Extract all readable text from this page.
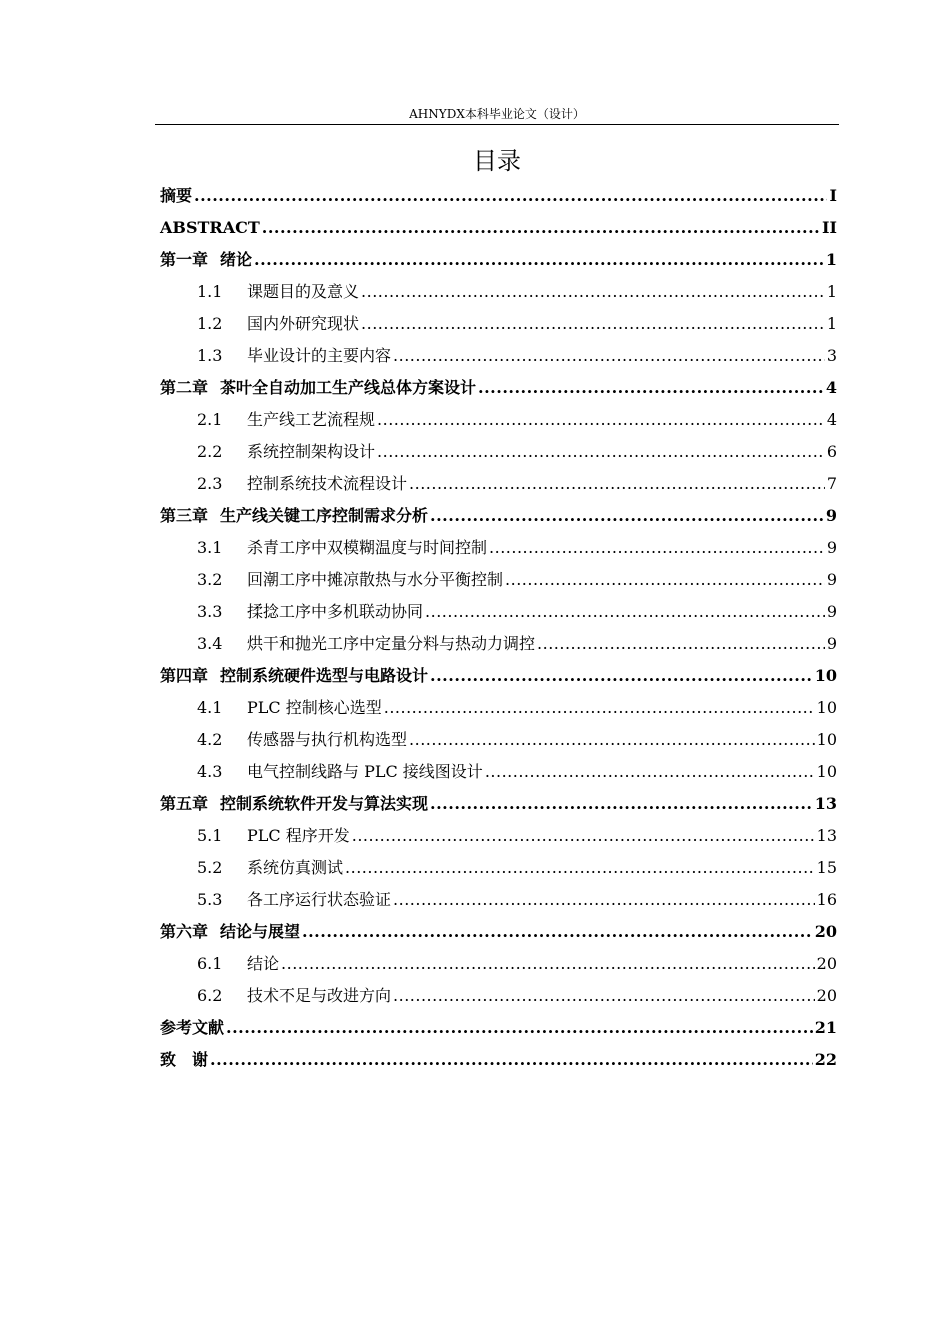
AHNYDX本科毕业论文（设计）
目录
摘要 .....	I
ABSTRACT .....	II
第一章 绪论 .....	1
1.1	课题目的及意义 .....	1
1.2	国内外研究现状 .....	1
1.3	毕业设计的主要内容 .....	3
第二章 茶叶全自动加工生产线总体方案设计 .....	4
2.1	生产线工艺流程规 .....	4
2.2	系统控制架构设计 .....	6
2.3	控制系统技术流程设计 .....	7
第三章 生产线关键工序控制需求分析 .....	9
3.1	杀青工序中双模糊温度与时间控制 .....	9
3.2	回潮工序中摊凉散热与水分平衡控制 .....	9
3.3	揉捻工序中多机联动协同 .....	9
3.4	烘干和抛光工序中定量分料与热动力调控 .....	9
第四章 控制系统硬件选型与电路设计 .....	10
4.1	PLC 控制核心选型 .....	10
4.2	传感器与执行机构选型 .....	10
4.3	电气控制线路与 PLC 接线图设计 .....	10
第五章 控制系统软件开发与算法实现 .....	13
5.1	PLC 程序开发 .....	13
5.2	系统仿真测试 .....	15
5.3	各工序运行状态验证 .....	16
第六章 结论与展望 .....	20
6.1	结论 .....	20
6.2	技术不足与改进方向 .....	20
参考文献 .....	21
致　谢 .....	22
